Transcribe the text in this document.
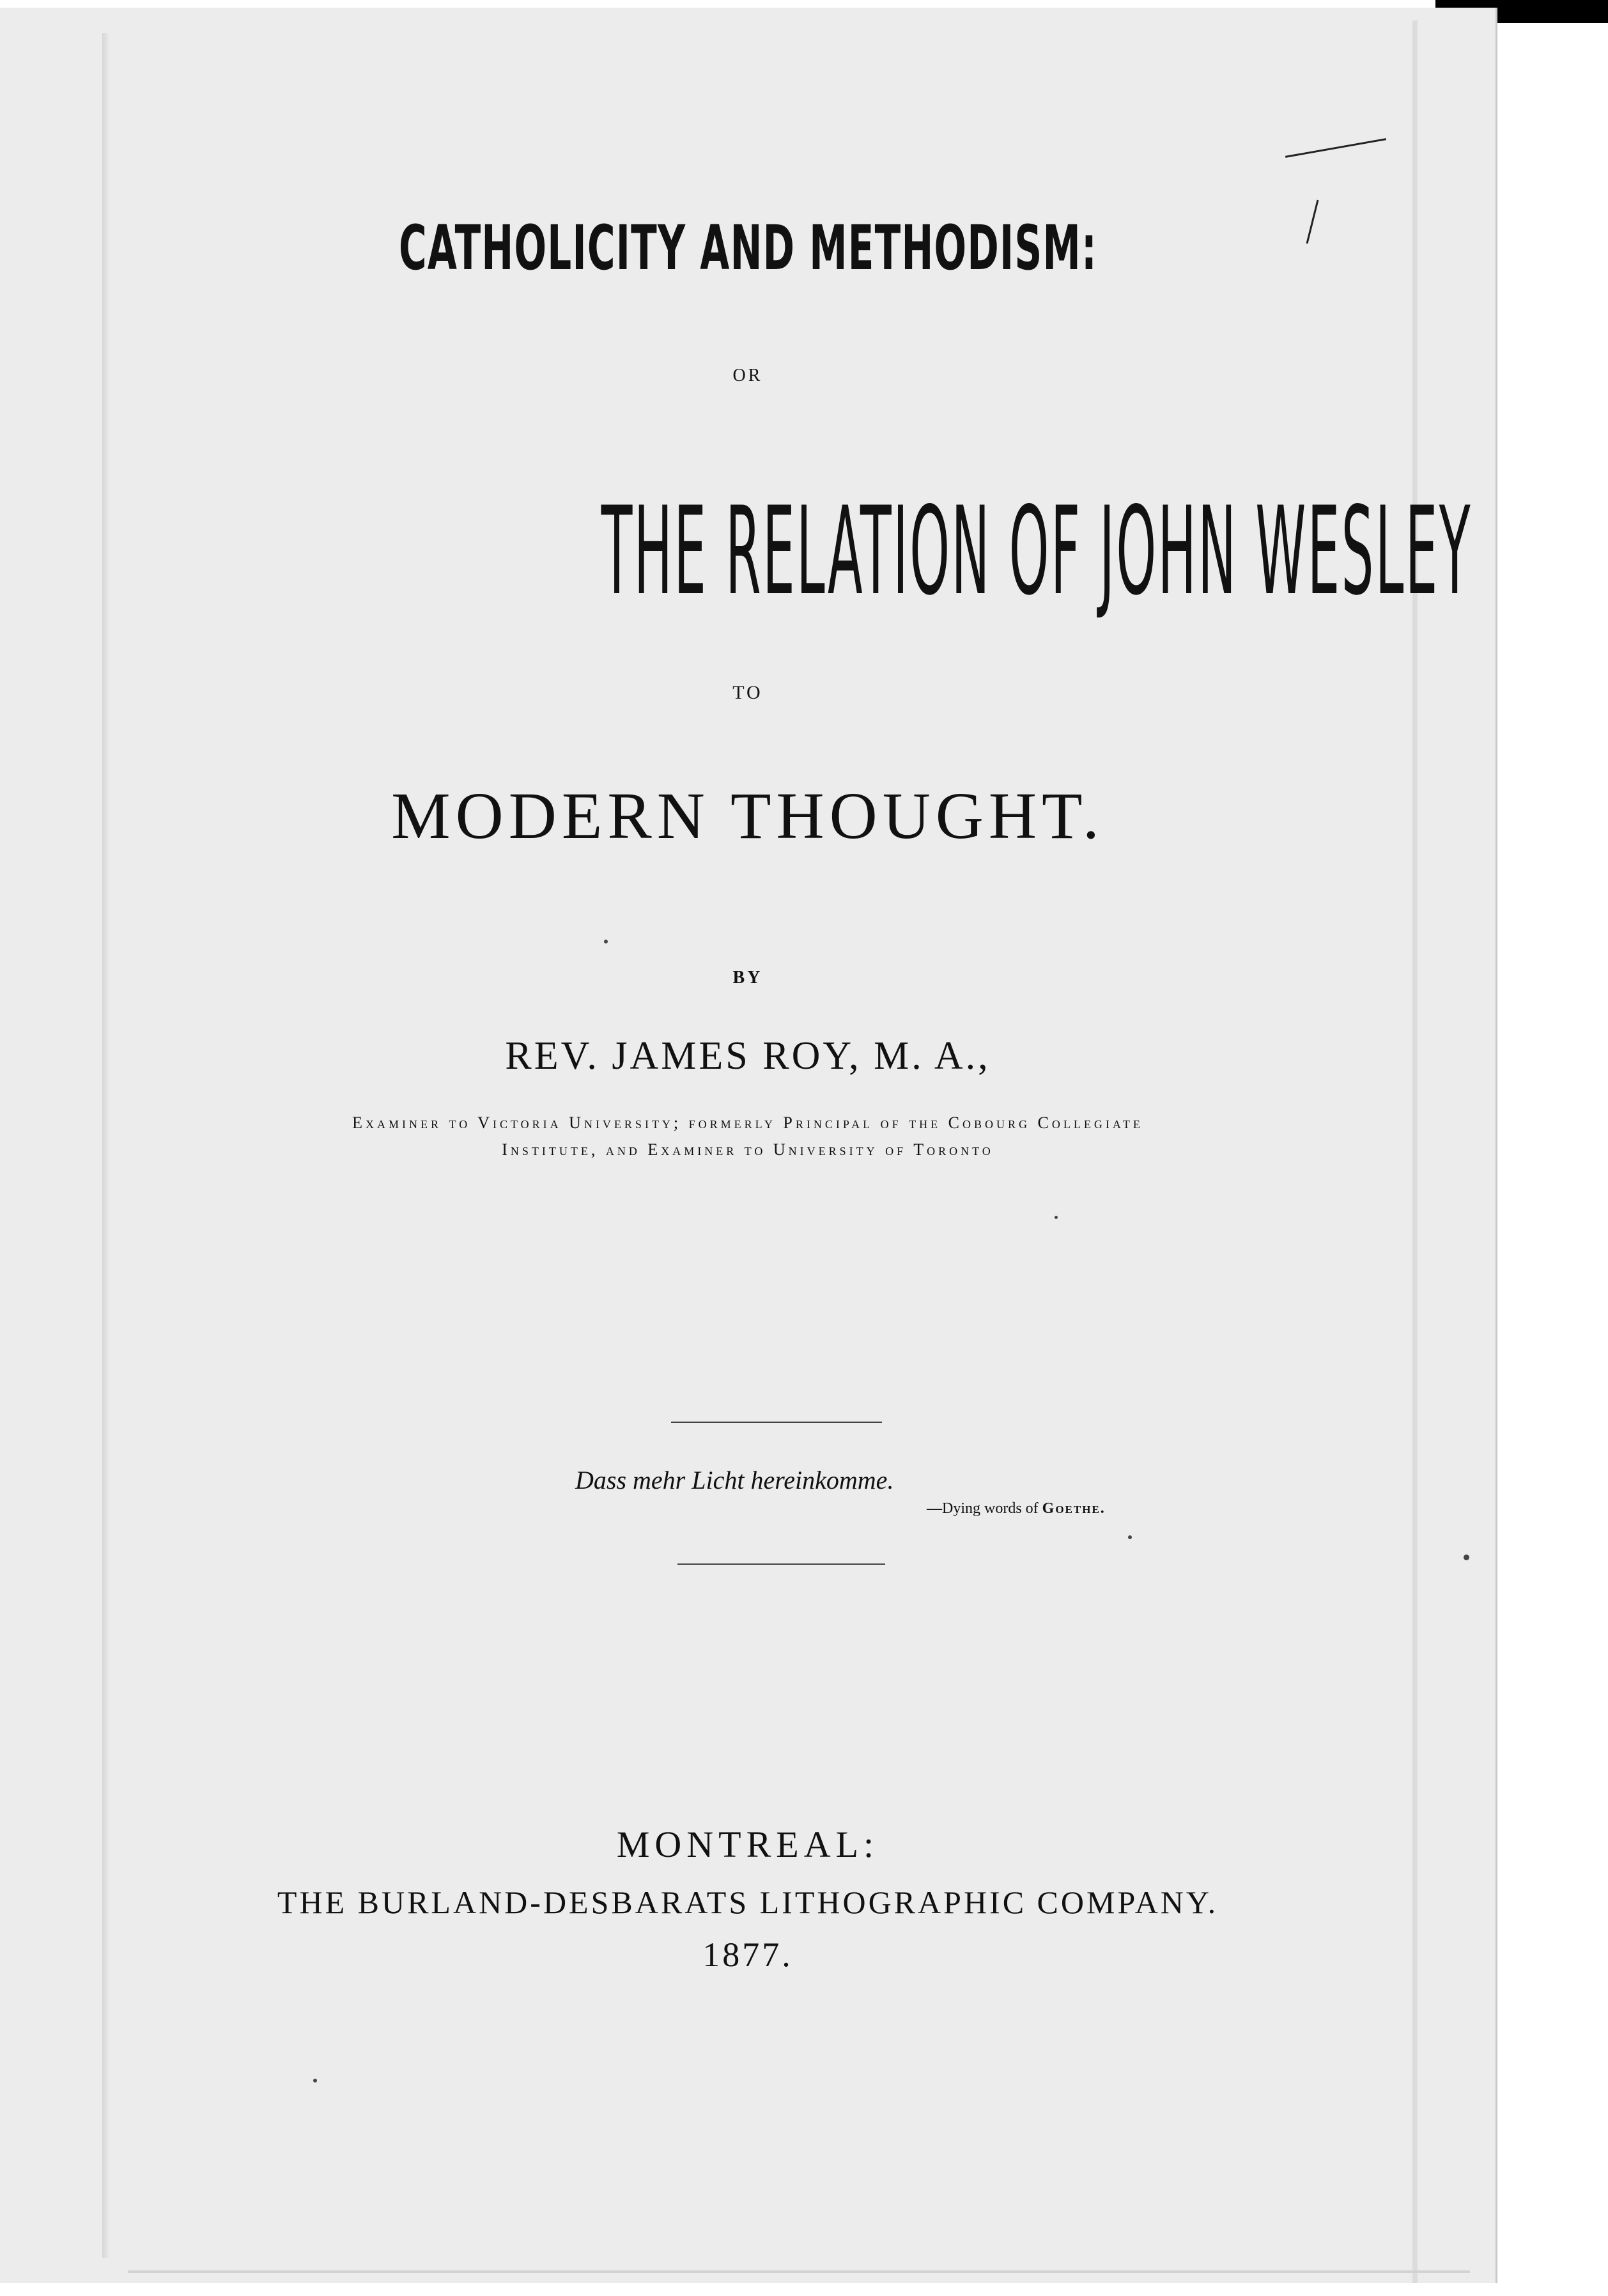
CATHOLICITY AND METHODISM:
OR
THE RELATION OF JOHN WESLEY
TO
MODERN THOUGHT.
BY
REV. JAMES ROY, M. A.,
Examiner to Victoria University; formerly Principal of the Cobourg Collegiate
Institute, and Examiner to University of Toronto
Dass mehr Licht hereinkomme.
—Dying words of Goethe.
MONTREAL:
THE BURLAND-DESBARATS LITHOGRAPHIC COMPANY.
1877.
